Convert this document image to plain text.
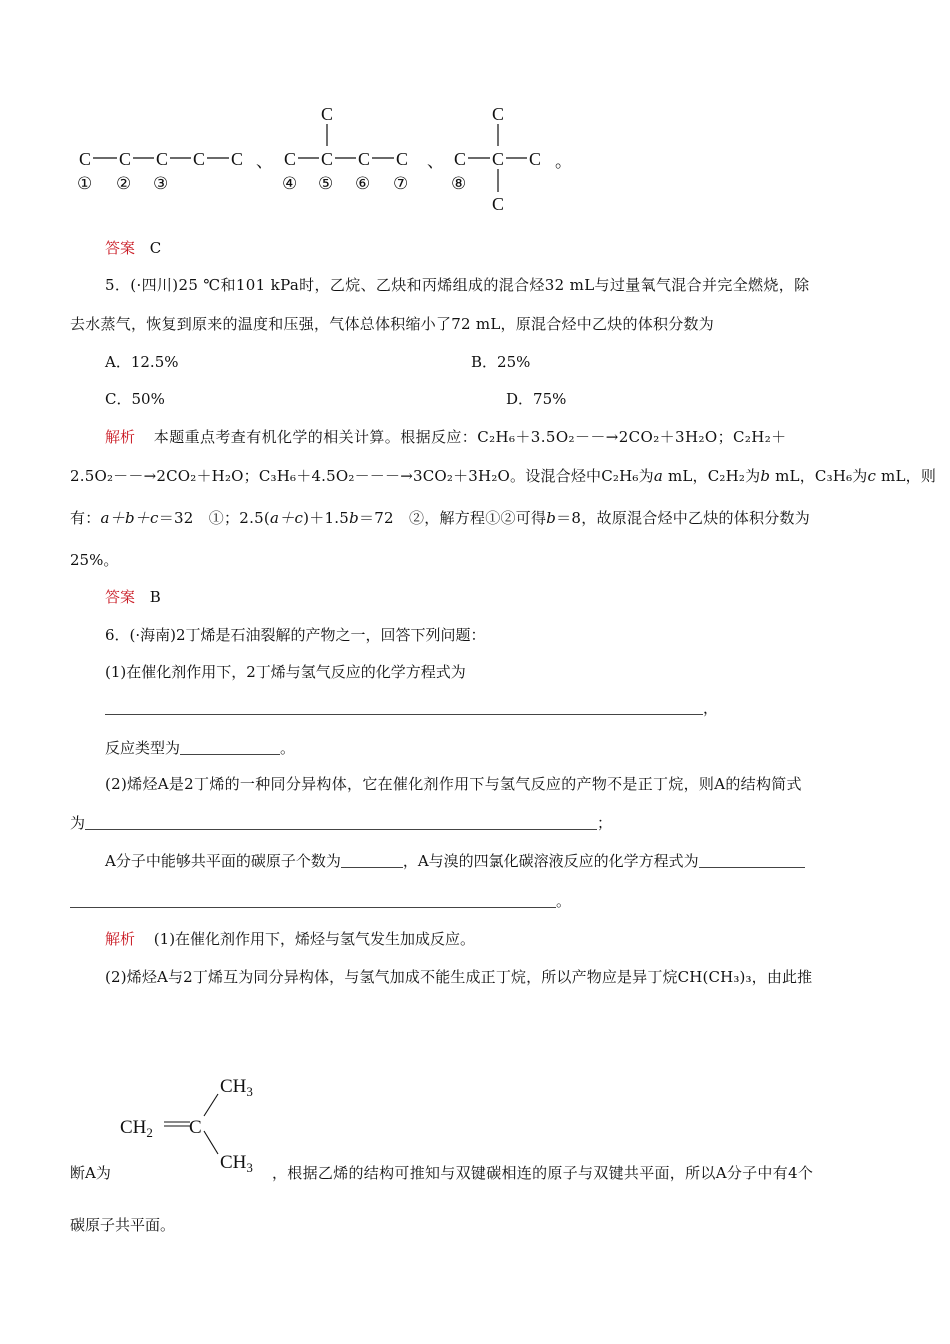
C C C C C
① ② ③
、 C C C C
C
④ ⑤ ⑥ ⑦
、 C C C
C
C
⑧
。
答案 C
5．(·四川)25 ℃和101 kPa时，乙烷、乙炔和丙烯组成的混合烃32 mL与过量氧气混合并完全燃烧，除
去水蒸气，恢复到原来的温度和压强，气体总体积缩小了72 mL，原混合烃中乙炔的体积分数为
A．12.5%	B．25%
C．50%	D．75%
解析 本题重点考查有机化学的相关计算。根据反应：C₂H₆＋3.5O₂－－→2CO₂＋3H₂O；C₂H₂＋
2.5O₂－－→2CO₂＋H₂O；C₃H₆＋4.5O₂－－－→3CO₂＋3H₂O。设混合烃中C₂H₆为a mL，C₂H₂为b mL，C₃H₆为c mL，则
有：a＋b＋c＝32　①；2.5(a＋c)＋1.5b＝72　②，解方程①②可得b＝8，故原混合烃中乙炔的体积分数为
25%。
答案 B
6．(·海南)2丁烯是石油裂解的产物之一，回答下列问题：
(1)在催化剂作用下，2丁烯与氢气反应的化学方程式为
，
反应类型为	。
(2)烯烃A是2丁烯的一种同分异构体，它在催化剂作用下与氢气反应的产物不是正丁烷，则A的结构简式
为	；
A分子中能够共平面的碳原子个数为	，A与溴的四氯化碳溶液反应的化学方程式为
。
解析 (1)在催化剂作用下，烯烃与氢气发生加成反应。
(2)烯烃A与2丁烯互为同分异构体，与氢气加成不能生成正丁烷，所以产物应是异丁烷CH(CH₃)₃，由此推
$CH_2$ C
$CH_3$
$CH_3$
断A为	，根据乙烯的结构可推知与双键碳相连的原子与双键共平面，所以A分子中有4个
碳原子共平面。
